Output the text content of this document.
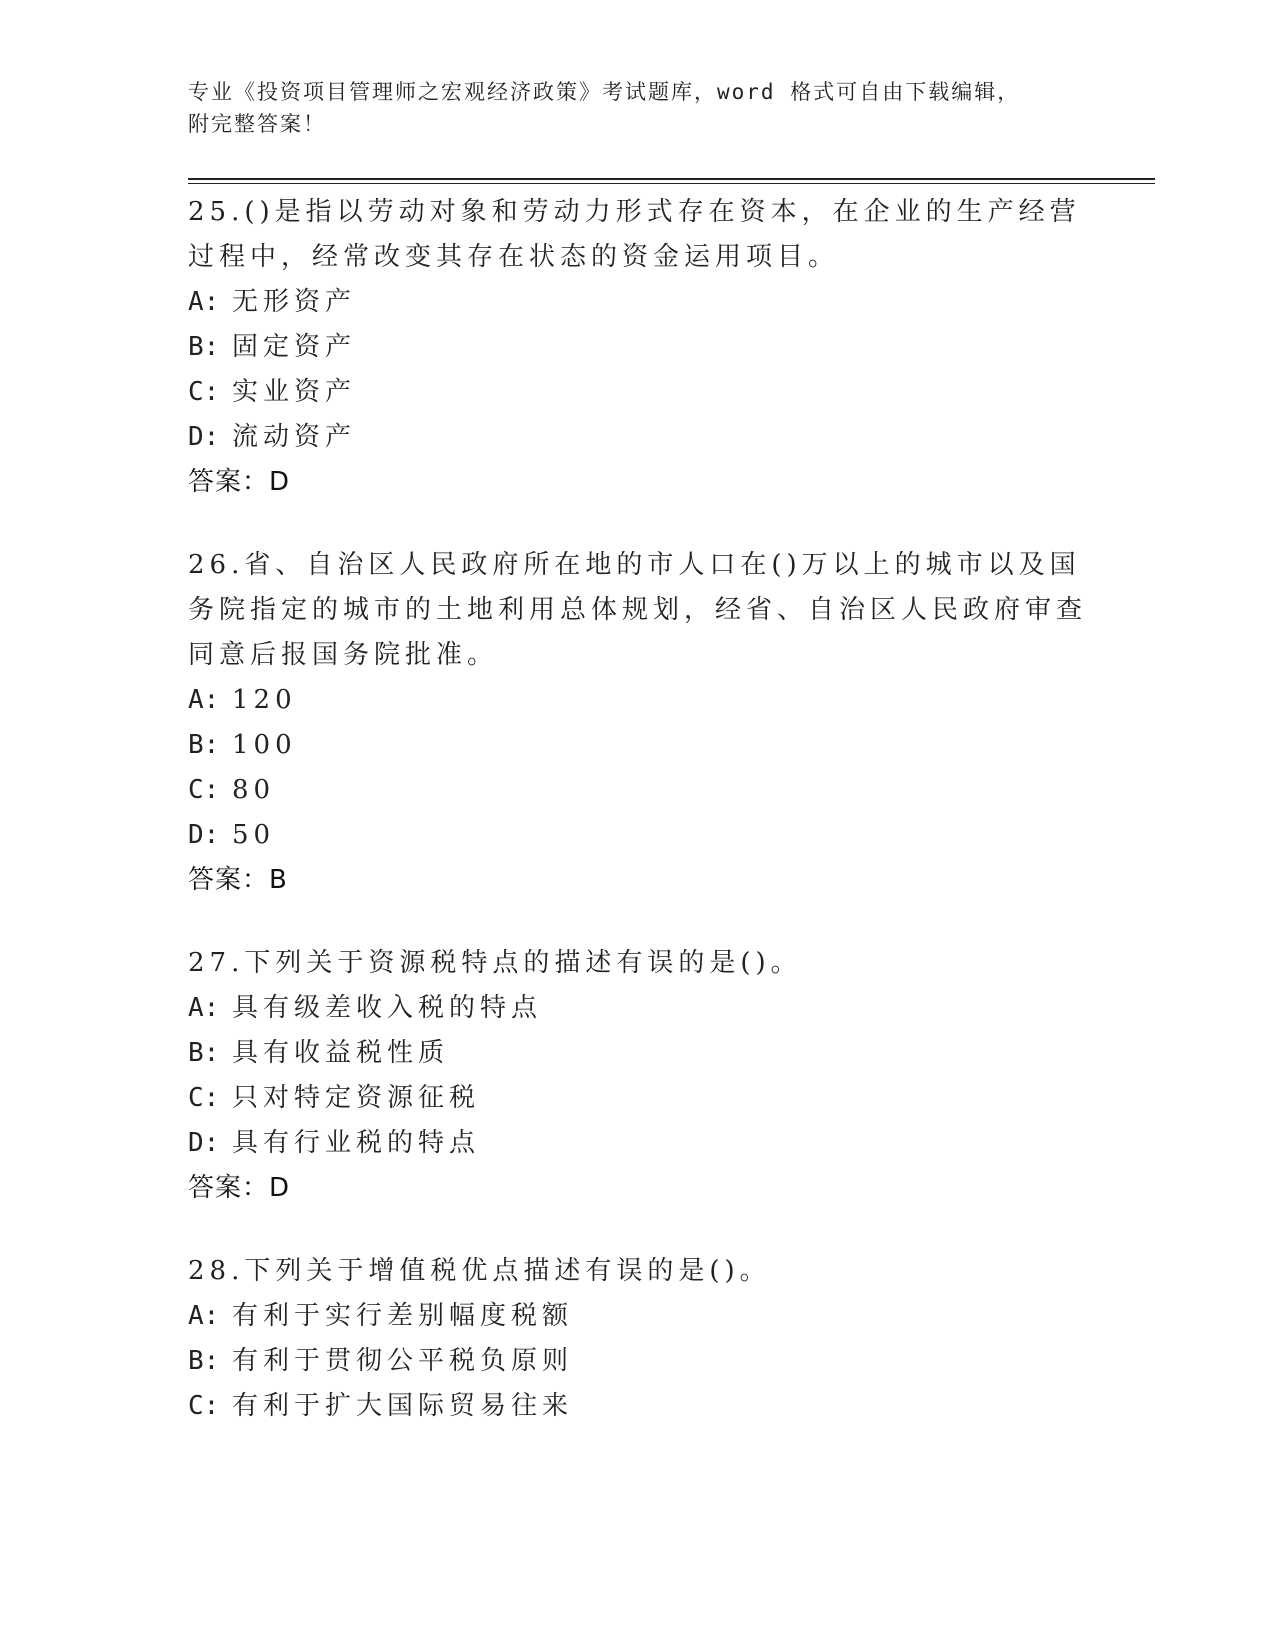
专业《投资项目管理师之宏观经济政策》考试题库，word 格式可自由下载编辑，
附完整答案！

25.()是指以劳动对象和劳动力形式存在资本，在企业的生产经营过程中，经常改变其存在状态的资金运用项目。

A: 无形资产
B: 固定资产
C: 实业资产
D: 流动资产
答案：D

26.省、自治区人民政府所在地的市人口在()万以上的城市以及国务院指定的城市的土地利用总体规划，经省、自治区人民政府审查同意后报国务院批准。

A: 120
B: 100
C: 80
D: 50
答案：B

27.下列关于资源税特点的描述有误的是()。

A: 具有级差收入税的特点
B: 具有收益税性质
C: 只对特定资源征税
D: 具有行业税的特点
答案：D

28.下列关于增值税优点描述有误的是()。

A: 有利于实行差别幅度税额
B: 有利于贯彻公平税负原则
C: 有利于扩大国际贸易往来
